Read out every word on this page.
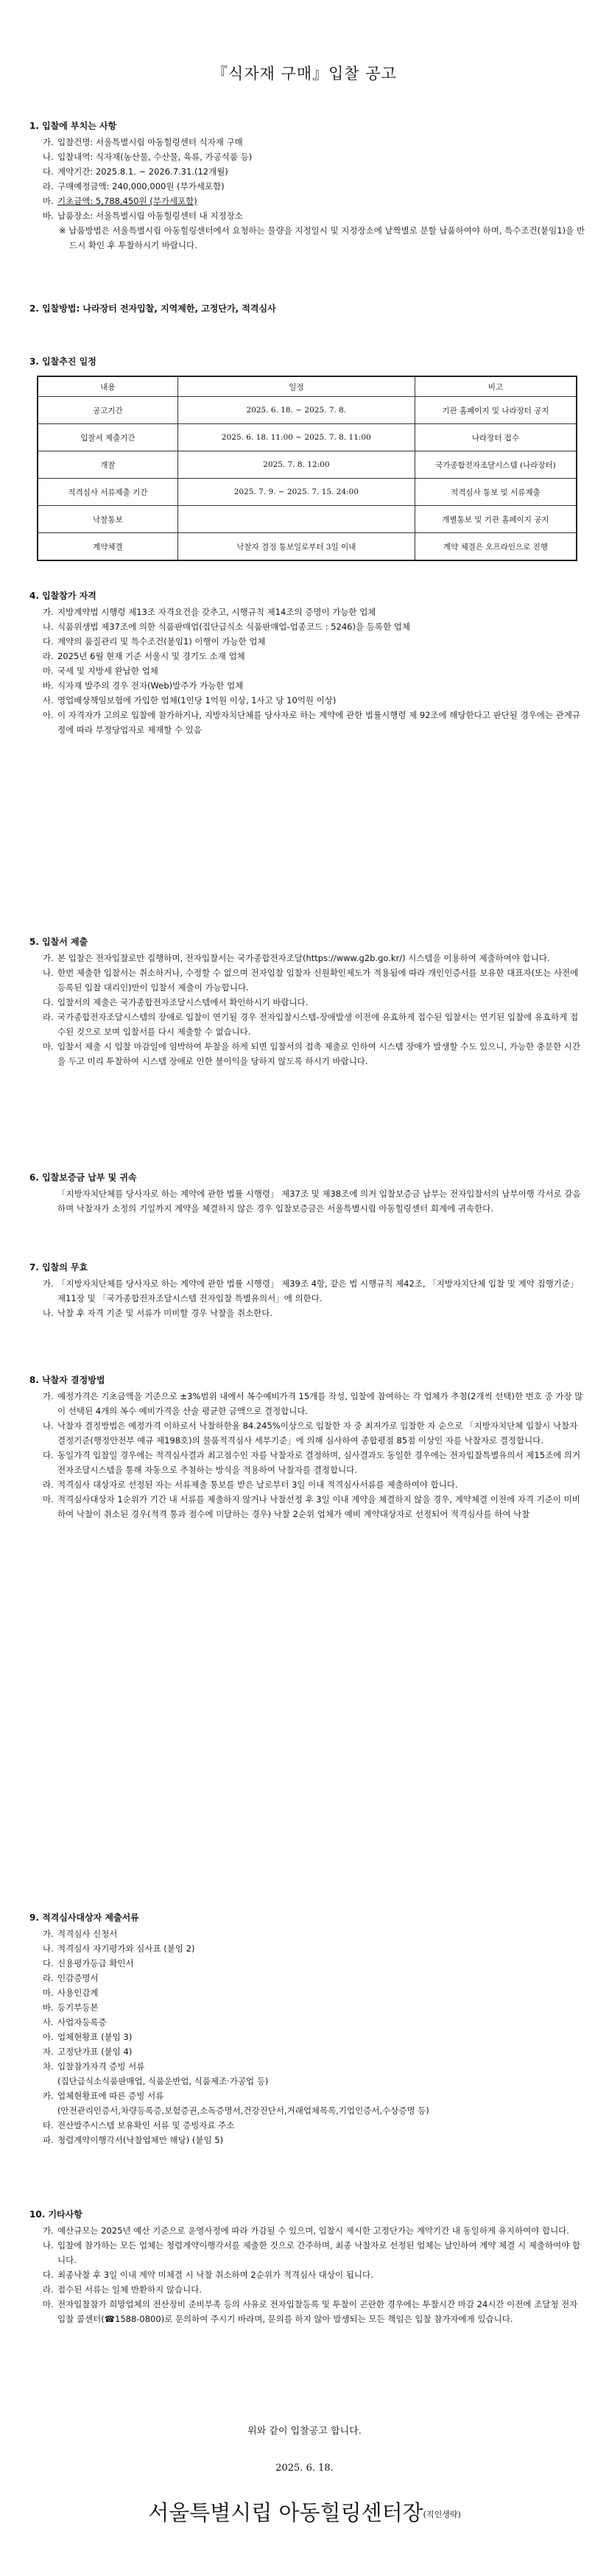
『식자재 구매』입찰 공고
1. 입찰에 부치는 사항
가. 입찰건명: 서울특별시립 아동힐링센터 식자재 구매
나. 입찰내역: 식자재(농산물, 수산물, 육류, 가공식품 등)
다. 계약기간: 2025.8.1. ~ 2026.7.31.(12개월)
라. 구매예정금액: 240,000,000원 (부가세포함)
마. 기초금액: 5,788,450원 (부가세포함)
바. 납품장소: 서울특별시립 아동힐링센터 내 지정장소
※ 납품방법은 서울특별시립 아동힐링센터에서 요청하는 물량을 지정일시 및 지정장소에 낱짝별로 분할 납품하여야 하며, 특수조건(붙임1)을 반드시 확인 후 투찰하시기 바랍니다.
2. 입찰방법: 나라장터 전자입찰, 지역제한, 고정단가, 적격심사
3. 입찰추진 일정
내용	일정	비고
공고기간	2025. 6. 18. ~ 2025. 7. 8.	기관 홈페이지 및 나라장터 공지
입찰서 제출기간	2025. 6. 18. 11:00 ~ 2025. 7. 8. 11:00	나라장터 접수
개찰	2025. 7. 8. 12:00	국가종합전자조달시스템 (나라장터)
적격심사 서류제출 기간	2025. 7. 9. ~ 2025. 7. 15. 24:00	적격심사 통보 및 서류제출
낙찰통보		개별통보 및 기관 홈페이지 공지
계약체결	낙찰자 결정 통보일로부터 3일 이내	계약 체결은 오프라인으로 진행
4. 입찰참가 자격
가. 지방계약법 시행령 제13조 자격요건을 갖추고, 시행규칙 제14조의 증명이 가능한 업체
나. 식품위생법 제37조에 의한 식품판매업(집단급식소 식품판매업-업종코드 : 5246)을 등록한 업체
다. 계약의 품질관리 및 특수조건(붙임1) 이행이 가능한 업체
라. 2025년 6월 현재 기준 서울시 및 경기도 소재 업체
마. 국세 및 지방세 완납한 업체
바. 식자재 발주의 경우 전자(Web)발주가 가능한 업체
사. 영업배상책임보험에 가입한 업체(1인당 1억원 이상, 1사고 당 10억원 이상)
아. 이 자격자가 고의로 입찰에 참가하거나, 지방자치단체를 당사자로 하는 계약에 관한 법률시행령 제 92조에 해당한다고 판단될 경우에는 관계규정에 따라 부정당업자로 제재할 수 있음
5. 입찰서 제출
가. 본 입찰은 전자입찰로만 집행하며, 전자입찰서는 국가종합전자조달(https://www.g2b.go.kr/) 시스템을 이용하여 제출하여야 합니다.
나. 한번 제출한 입찰서는 취소하거나, 수정할 수 없으며 전자입찰 입찰자 신원확인제도가 적용됨에 따라 개인인증서를 보유한 대표자(또는 사전에 등록된 입찰 대리인)만이 입찰서 제출이 가능합니다.
다. 입찰서의 제출은 국가종합전자조달시스템에서 확인하시기 바랍니다.
라. 국가종합전자조달시스템의 장애로 입찰이 연기될 경우 전자입찰시스템-장애발생 이전에 유효하게 접수된 입찰서는 연기된 입찰에 유효하게 접수된 것으로 보며 입찰서를 다시 제출할 수 없습니다.
마. 입찰서 제출 시 입찰 마감일에 임박하여 투찰을 하게 되면 입찰서의 접촉 제출로 인하여 시스템 장애가 발생할 수도 있으니, 가능한 충분한 시간을 두고 미리 투찰하여 시스템 장애로 인한 불이익을 당하지 않도록 하시기 바랍니다.
6. 입찰보증금 납부 및 귀속
「지방자치단체를 당사자로 하는 계약에 관한 법률 시행령」 제37조 및 제38조에 의거 입찰보증금 납부는 전자입찰서의 납부이행 각서로 갈음하며 낙찰자가 소정의 기일까지 계약을 체결하지 않은 경우 입찰보증금은 서울특별시립 아동힐링센터 회계에 귀속한다.
7. 입찰의 무효
가. 「지방자치단체를 당사자로 하는 계약에 관한 법률 시행령」 제39조 4항, 같은 법 시행규칙 제42조, 「지방자치단체 입찰 및 계약 집행기준」 제11장 및 「국가종합전자조달시스템 전자입찰 특별유의서」에 의한다.
나. 낙찰 후 자격 기준 및 서류가 미비할 경우 낙찰을 취소한다.
8. 낙찰자 결정방법
가. 예정가격은 기초금액을 기준으로 ±3%범위 내에서 복수예비가격 15개를 작성, 입찰에 참여하는 각 업체가 추첨(2개씩 선택)한 번호 중 가장 많이 선택된 4개의 복수 예비가격을 산술 평균한 금액으로 결정합니다.
나. 낙찰자 결정방법은 예정가격 이하로서 낙찰하한율 84.245%이상으로 입찰한 자 중 최저가로 입찰한 자 순으로 「지방자치단체 입찰시 낙찰자 결정기준(행정안전부 예규 제198호)의 물품적격심사 세부기준」에 의해 심사하여 종합평점 85점 이상인 자를 낙찰자로 결정합니다.
다. 동일가격 입찰일 경우에는 적격심사결과 최고점수인 자를 낙찰자로 결정하며, 심사결과도 동일한 경우에는 전자입찰특별유의서 제15조에 의거 전자조달시스템을 통해 자동으로 추첨하는 방식을 적용하여 낙찰자를 결정합니다.
라. 적격심사 대상자로 선정된 자는 서류제출 통보를 받은 날로부터 3일 이내 적격심사서류를 제출하여야 합니다.
마. 적격심사대상자 1순위가 기간 내 서류를 제출하지 않거나 낙찰선정 후 3일 이내 계약을 체결하지 않을 경우, 계약체결 이전에 자격 기준이 미비하여 낙찰이 취소된 경우(적격 통과 점수에 미달하는 경우) 낙찰 2순위 업체가 예비 계약대상자로 선정되어 적격심사를 하여 낙찰
9. 적격심사대상자 제출서류
가. 적격심사 신청서
나. 적격심사 자기평가와 심사표 (붙임 2)
다. 신용평가등급 확인서
라. 인감증명서
마. 사용인감계
바. 등기부등본
사. 사업자등록증
아. 업체현황표 (붙임 3)
자. 고정단가표 (붙임 4)
차. 입찰참가자격 증빙 서류
(집단급식소식품판매업, 식품운반업, 식품제조·가공업 등)
카. 업체현황표에 따른 증빙 서류
(안전관리인증서,차량등록증,보험증권,소독증명서,건강진단서,거래업체목록,기업인증서,수상증명 등)
타. 전산발주시스템 보유확인 서류 및 증빙자료 주소
파. 청렴계약이행각서(낙찰업체만 해당) (붙임 5)
10. 기타사항
가. 예산규모는 2025년 예산 기준으로 운영사정에 따라 가감될 수 있으며, 입찰시 제시한 고정단가는 계약기간 내 동일하게 유지하여야 합니다.
나. 입찰에 참가하는 모든 업체는 청렴계약이행각서를 제출한 것으로 간주하며, 최종 낙찰자로 선정된 업체는 날인하여 계약 체결 시 제출하여야 합니다.
다. 최종낙찰 후 3일 이내 계약 미체결 시 낙찰 취소하며 2순위가 적격심사 대상이 됩니다.
라. 접수된 서류는 일체 반환하지 않습니다.
마. 전자입찰참가 희망업체의 전산장비 준비부족 등의 사유로 전자입찰등록 및 투찰이 곤란한 경우에는 투찰시간 마감 24시간 이전에 조달청 전자입찰 콜센터(☎1588-0800)로 문의하여 주시기 바라며, 문의를 하지 않아 발생되는 모든 책임은 입찰 참가자에게 있습니다.
위와 같이 입찰공고 합니다.
2025. 6. 18.
서울특별시립 아동힐링센터장(직인생략)
